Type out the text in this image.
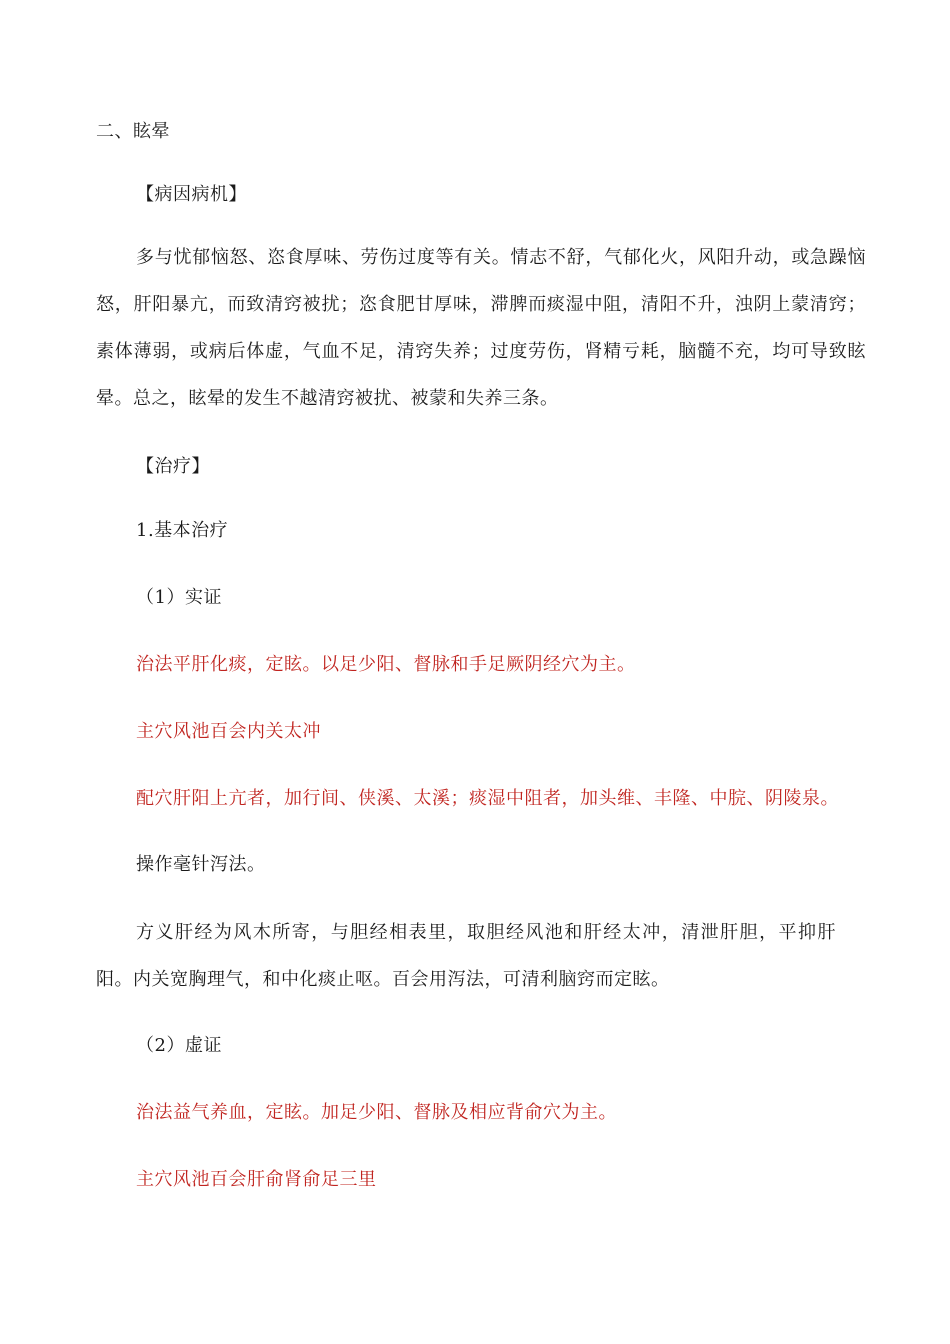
二、眩晕
【病因病机】
多与忧郁恼怒、恣食厚味、劳伤过度等有关。情志不舒，气郁化火，风阳升动，或急躁恼怒，肝阳暴亢，而致清窍被扰；恣食肥甘厚味，滞脾而痰湿中阻，清阳不升，浊阴上蒙清窍；素体薄弱，或病后体虚，气血不足，清窍失养；过度劳伤，肾精亏耗，脑髓不充，均可导致眩晕。总之，眩晕的发生不越清窍被扰、被蒙和失养三条。
【治疗】
1.基本治疗
（1）实证
治法平肝化痰，定眩。以足少阳、督脉和手足厥阴经穴为主。
主穴风池百会内关太冲
配穴肝阳上亢者，加行间、侠溪、太溪；痰湿中阻者，加头维、丰隆、中脘、阴陵泉。
操作毫针泻法。
方义肝经为风木所寄，与胆经相表里，取胆经风池和肝经太冲，清泄肝胆，平抑肝阳。内关宽胸理气，和中化痰止呕。百会用泻法，可清利脑窍而定眩。
（2）虚证
治法益气养血，定眩。加足少阳、督脉及相应背俞穴为主。
主穴风池百会肝俞肾俞足三里
